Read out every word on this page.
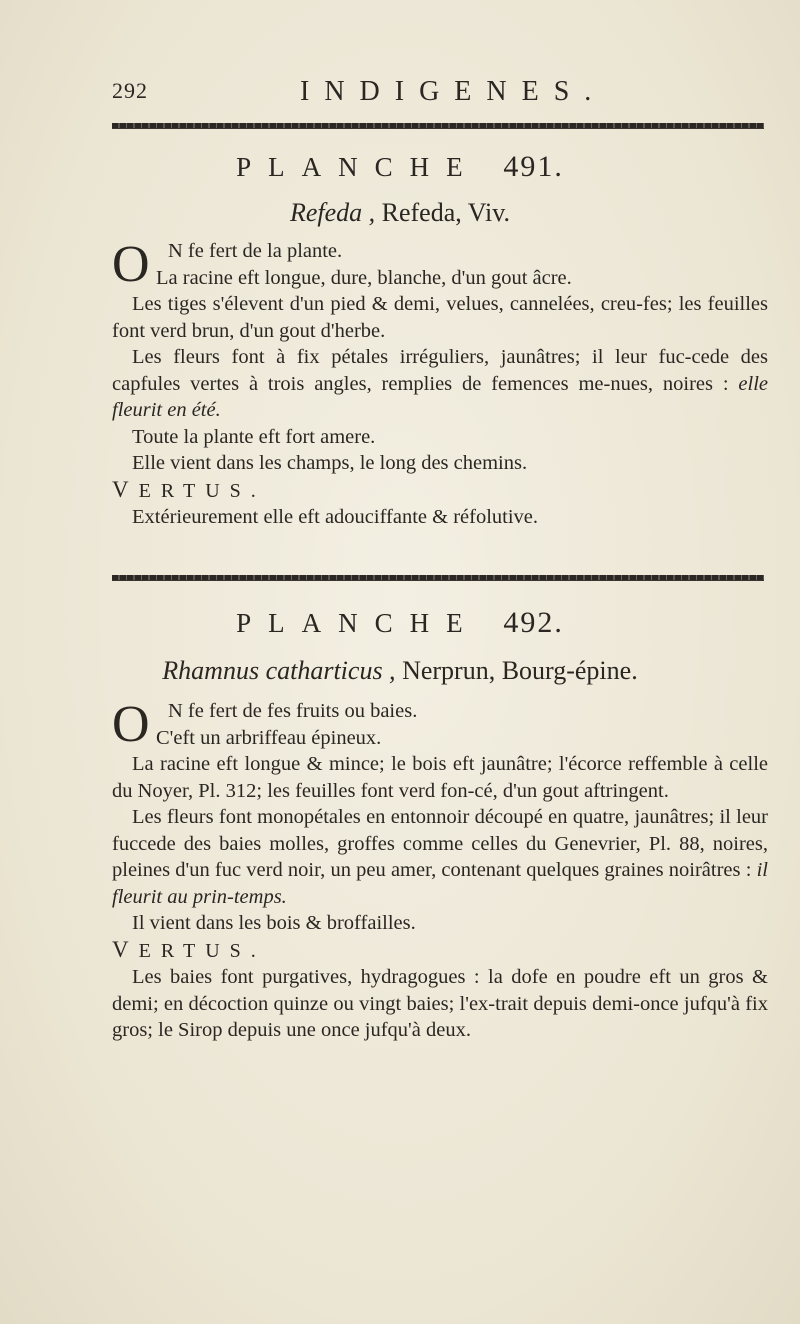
292	INDIGENES.
PLANCHE 491.
Refeda , Refeda, Viv.

O N fe fert de la plante.

La racine eft longue, dure, blanche, d'un gout âcre.

Les tiges s'élevent d'un pied & demi, velues, cannelées, creu-fes; les feuilles font verd brun, d'un gout d'herbe.

Les fleurs font à fix pétales irréguliers, jaunâtres; il leur fuc-cede des capfules vertes à trois angles, remplies de femences me-nues, noires : elle fleurit en été.

Toute la plante eft fort amere.

Elle vient dans les champs, le long des chemins.

VERTUS.

Extérieurement elle eft adouciffante & réfolutive.

PLANCHE 492.
Rhamnus catharticus , Nerprun, Bourg-épine.

O N fe fert de fes fruits ou baies.

C'eft un arbriffeau épineux.

La racine eft longue & mince; le bois eft jaunâtre; l'écorce reffemble à celle du Noyer, Pl. 312; les feuilles font verd fon-cé, d'un gout aftringent.

Les fleurs font monopétales en entonnoir découpé en quatre, jaunâtres; il leur fuccede des baies molles, groffes comme celles du Genevrier, Pl. 88, noires, pleines d'un fuc verd noir, un peu amer, contenant quelques graines noirâtres : il fleurit au prin-temps.

Il vient dans les bois & broffailles.

VERTUS.

Les baies font purgatives, hydragogues : la dofe en poudre eft un gros & demi; en décoction quinze ou vingt baies; l'ex-trait depuis demi-once jufqu'à fix gros; le Sirop depuis une once jufqu'à deux.
